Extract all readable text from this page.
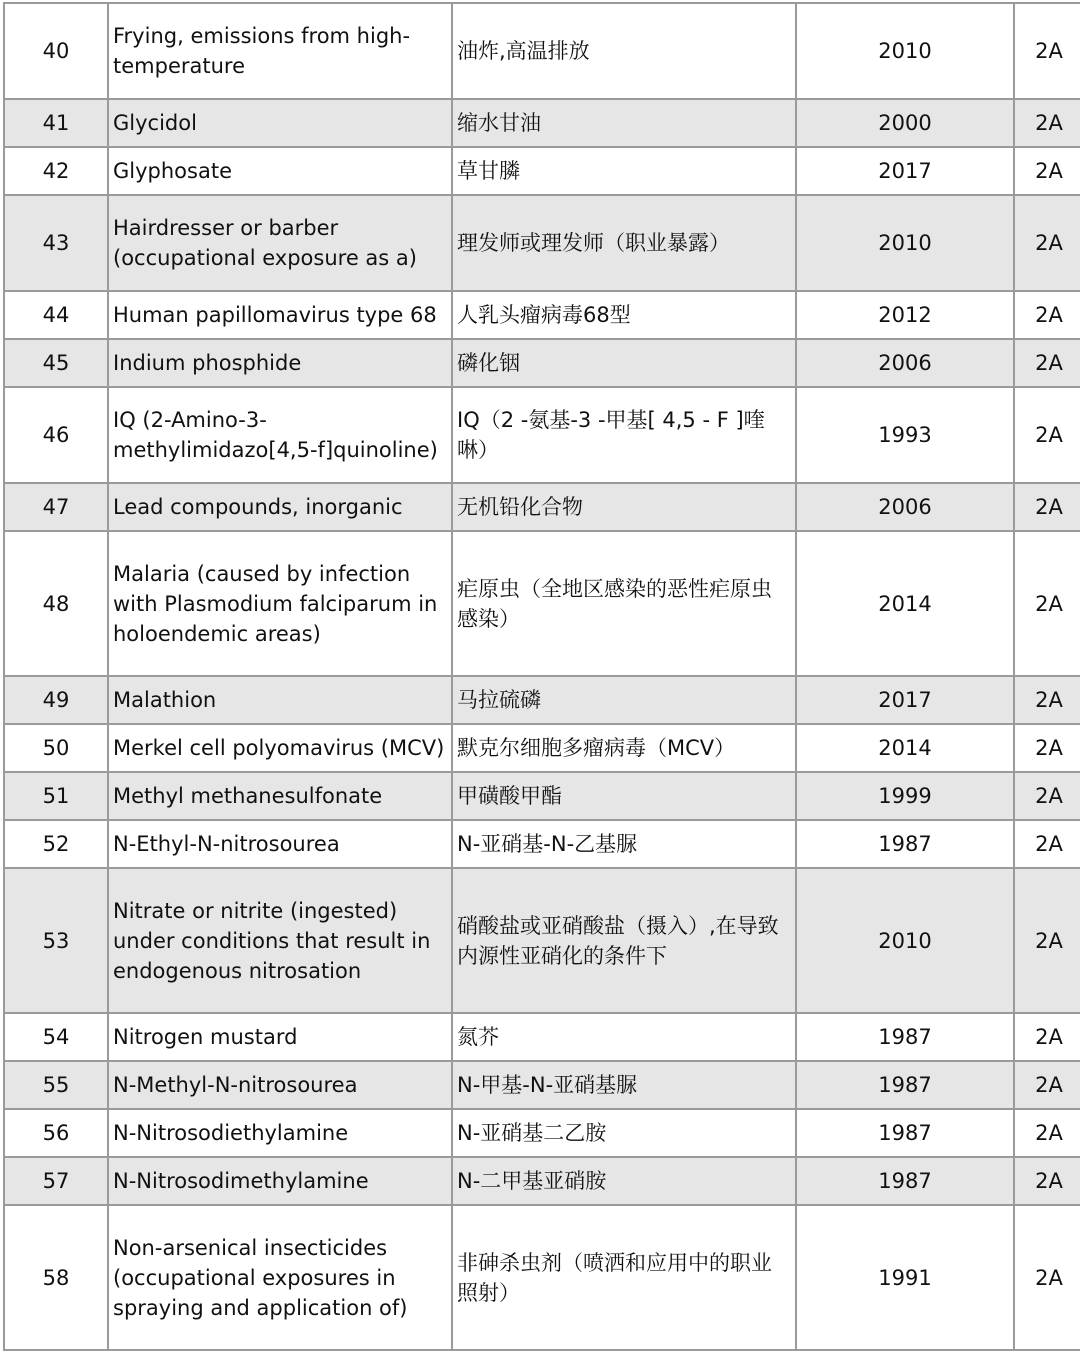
40	Frying, emissions from high-temperature	油炸,高温排放	2010	2A
41	Glycidol	缩水甘油	2000	2A
42	Glyphosate	草甘膦	2017	2A
43	Hairdresser or barber (occupational exposure as a)	理发师或理发师（职业暴露）	2010	2A
44	Human papillomavirus type 68	人乳头瘤病毒68型	2012	2A
45	Indium phosphide	磷化铟	2006	2A
46	IQ (2-Amino-3-methylimidazo[4,5-f]quinoline)	IQ（2 -氨基-3 -甲基[ 4,5 - F ]喹啉）	1993	2A
47	Lead compounds, inorganic	无机铅化合物	2006	2A
48	Malaria (caused by infection with Plasmodium falciparum in holoendemic areas)	疟原虫（全地区感染的恶性疟原虫感染）	2014	2A
49	Malathion	马拉硫磷	2017	2A
50	Merkel cell polyomavirus (MCV)	默克尔细胞多瘤病毒（MCV）	2014	2A
51	Methyl methanesulfonate	甲磺酸甲酯	1999	2A
52	N-Ethyl-N-nitrosourea	N-亚硝基-N-乙基脲	1987	2A
53	Nitrate or nitrite (ingested) under conditions that result in endogenous nitrosation	硝酸盐或亚硝酸盐（摄入）,在导致内源性亚硝化的条件下	2010	2A
54	Nitrogen mustard	氮芥	1987	2A
55	N-Methyl-N-nitrosourea	N-甲基-N-亚硝基脲	1987	2A
56	N-Nitrosodiethylamine	N-亚硝基二乙胺	1987	2A
57	N-Nitrosodimethylamine	N-二甲基亚硝胺	1987	2A
58	Non-arsenical insecticides (occupational exposures in spraying and application of)	非砷杀虫剂（喷洒和应用中的职业照射）	1991	2A
